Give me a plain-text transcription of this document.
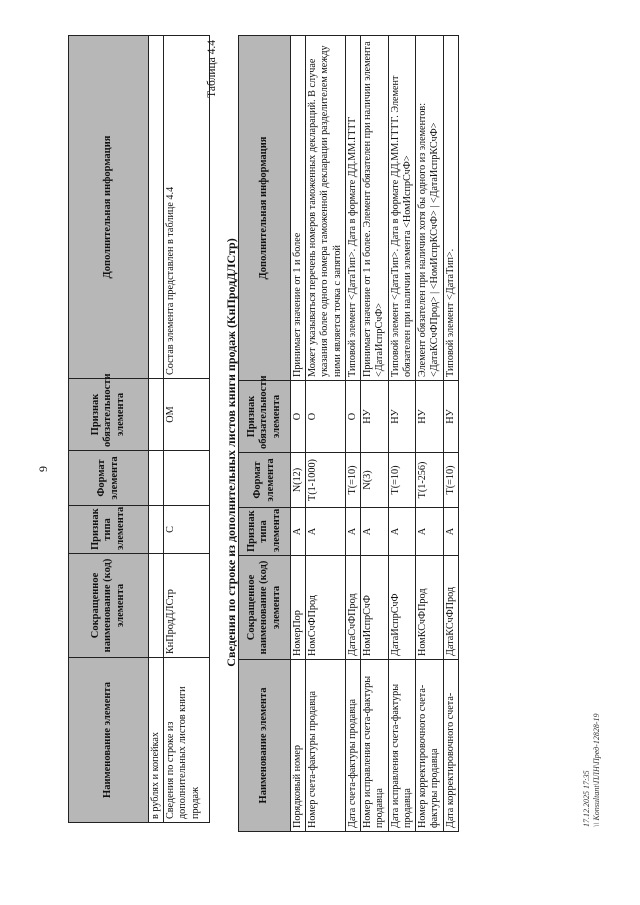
9
Наименование элемента	Сокращенное наименование (код) элемента	Признак типа элемента	Формат элемента	Признак обязательности элемента	Дополнительная информация
в рублях и копейках					
Сведения по строке из дополнительных листов книги продаж	КнПродДЛСтр	С		ОМ	Состав элемента представлен в таблице 4.4
Таблица 4.4
Сведения по строке из дополнительных листов книги продаж (КнПродДЛСтр)
Наименование элемента	Сокращенное наименование (код) элемента	Признак типа элемента	Формат элемента	Признак обязательности элемента	Дополнительная информация
Порядковый номер	НомерПор	А	N(12)	О	Принимает значение от 1 и более
Номер счета-фактуры продавца	НомСчФПрод	А	T(1-1000)	О	Может указываться перечень номеров таможенных деклараций. В случае указания более одного номера таможенной декларации разделителем между ними является точка с запятой
Дата счета-фактуры продавца	ДатаСчФПрод	А	T(=10)	О	Типовой элемент <ДатаТип>. Дата в формате ДД.ММ.ГГГГ
Номер исправления счета-фактуры продавца	НомИспрСчФ	А	N(3)	НУ	Принимает значение от 1 и более. Элемент обязателен при наличии элемента <ДатаИспрСчФ>
Дата исправления счета-фактуры продавца	ДатаИспрСчФ	А	T(=10)	НУ	Типовой элемент <ДатаТип>. Дата в формате ДД.ММ.ГГГГ. Элемент обязателен при наличии элемента <НомИспрСчФ>
Номер корректировочного счета-фактуры продавца	НомКСчФПрод	А	T(1-256)	НУ	Элемент обязателен при наличии хотя бы одного из элементов: <ДатаКСчФПрод> | <НомИспрКСчФ> | <ДатаИспрКСчФ>
Дата корректировочного счета-	ДатаКСчФПрод	А	T(=10)	НУ	Типовой элемент <ДатаТип>.
17.12.2025 17:35 \\ Konsultant\ПЛН\Пред-12828-19
